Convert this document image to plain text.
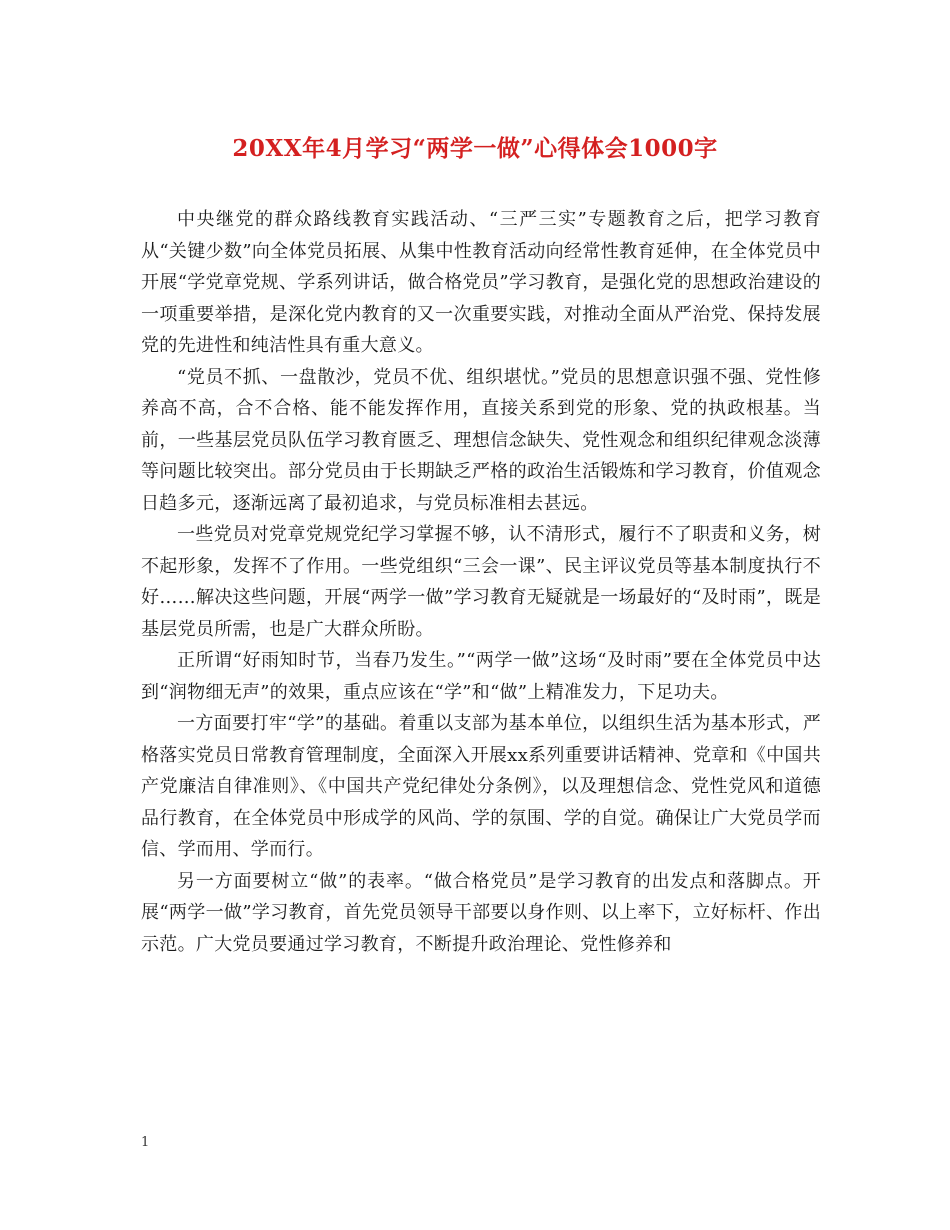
20XX年4月学习“两学一做”心得体会1000字

中央继党的群众路线教育实践活动、“三严三实”专题教育之后，把学习教育从“关键少数”向全体党员拓展、从集中性教育活动向经常性教育延伸，在全体党员中开展“学党章党规、学系列讲话，做合格党员”学习教育，是强化党的思想政治建设的一项重要举措，是深化党内教育的又一次重要实践，对推动全面从严治党、保持发展党的先进性和纯洁性具有重大意义。

“党员不抓、一盘散沙，党员不优、组织堪忧。”党员的思想意识强不强、党性修养高不高，合不合格、能不能发挥作用，直接关系到党的形象、党的执政根基。当前，一些基层党员队伍学习教育匮乏、理想信念缺失、党性观念和组织纪律观念淡薄等问题比较突出。部分党员由于长期缺乏严格的政治生活锻炼和学习教育，价值观念日趋多元，逐渐远离了最初追求，与党员标准相去甚远。

一些党员对党章党规党纪学习掌握不够，认不清形式，履行不了职责和义务，树不起形象，发挥不了作用。一些党组织“三会一课”、民主评议党员等基本制度执行不好……解决这些问题，开展“两学一做”学习教育无疑就是一场最好的“及时雨”，既是基层党员所需，也是广大群众所盼。

正所谓“好雨知时节，当春乃发生。”“两学一做”这场“及时雨”要在全体党员中达到“润物细无声”的效果，重点应该在“学”和“做”上精准发力，下足功夫。

一方面要打牢“学”的基础。着重以支部为基本单位，以组织生活为基本形式，严格落实党员日常教育管理制度，全面深入开展xx系列重要讲话精神、党章和《中国共产党廉洁自律准则》、《中国共产党纪律处分条例》，以及理想信念、党性党风和道德品行教育，在全体党员中形成学的风尚、学的氛围、学的自觉。确保让广大党员学而信、学而用、学而行。

另一方面要树立“做”的表率。“做合格党员”是学习教育的出发点和落脚点。开展“两学一做”学习教育，首先党员领导干部要以身作则、以上率下，立好标杆、作出示范。广大党员要通过学习教育，不断提升政治理论、党性修养和

1
